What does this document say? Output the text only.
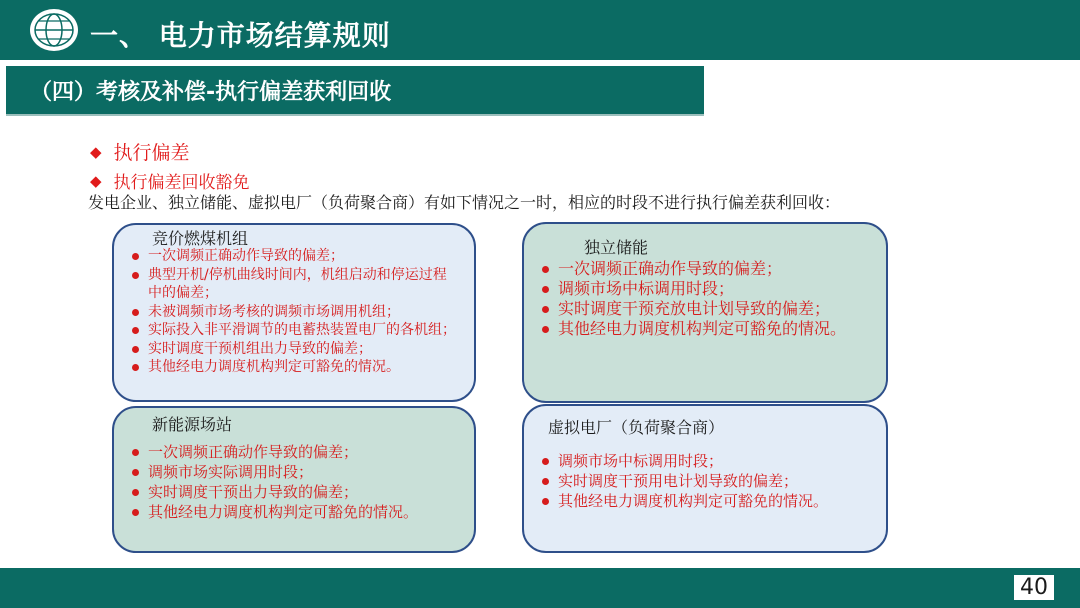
一、 电力市场结算规则
（四）考核及补偿-执行偏差获利回收
◆ 执行偏差
◆ 执行偏差回收豁免
发电企业、独立储能、虚拟电厂（负荷聚合商）有如下情况之一时，相应的时段不进行执行偏差获利回收：
竞价燃煤机组
一次调频正确动作导致的偏差；
典型开机/停机曲线时间内，机组启动和停运过程中的偏差；
未被调频市场考核的调频市场调用机组；
实际投入非平滑调节的电蓄热装置电厂的各机组；
实时调度干预机组出力导致的偏差；
其他经电力调度机构判定可豁免的情况。
独立储能
一次调频正确动作导致的偏差；
调频市场中标调用时段；
实时调度干预充放电计划导致的偏差；
其他经电力调度机构判定可豁免的情况。
新能源场站
一次调频正确动作导致的偏差；
调频市场实际调用时段；
实时调度干预出力导致的偏差；
其他经电力调度机构判定可豁免的情况。
虚拟电厂（负荷聚合商）
调频市场中标调用时段；
实时调度干预用电计划导致的偏差；
其他经电力调度机构判定可豁免的情况。
40
